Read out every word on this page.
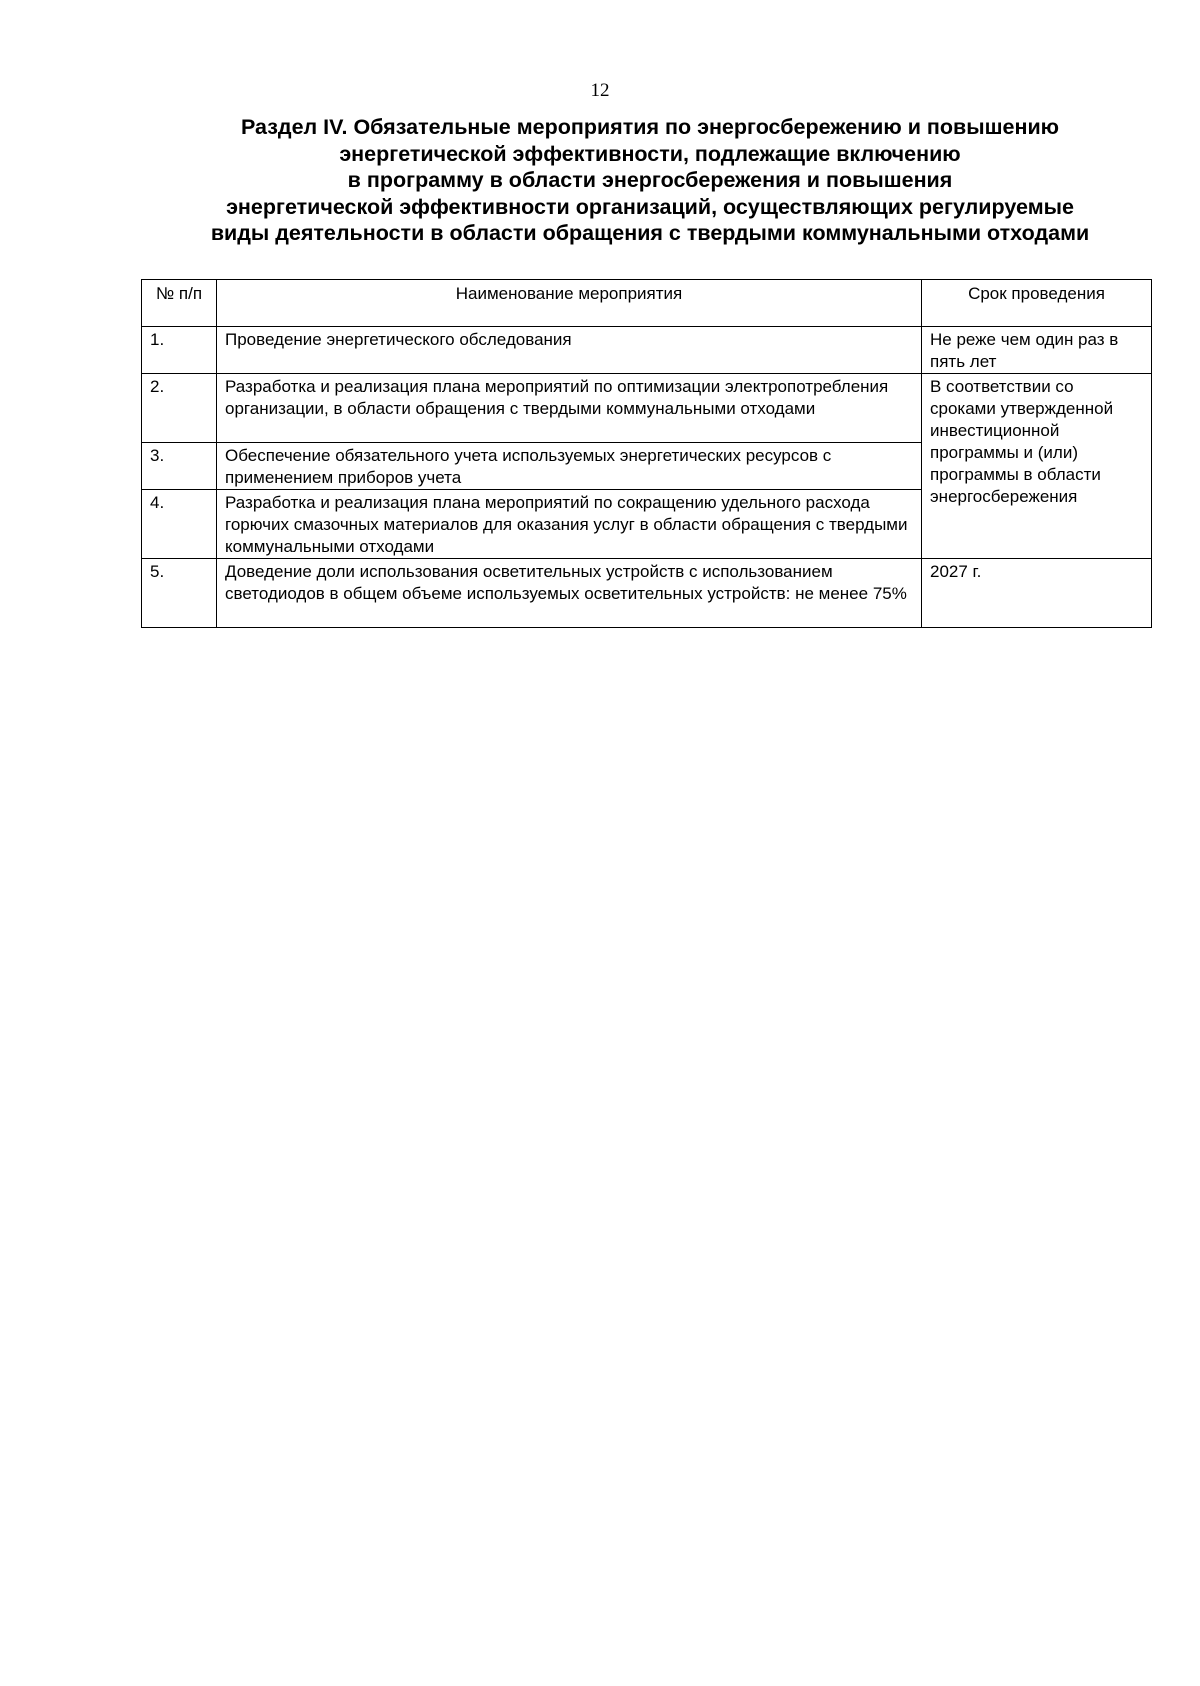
12
Раздел IV. Обязательные мероприятия по энергосбережению и повышению
энергетической эффективности, подлежащие включению
в программу в области энергосбережения и повышения
энергетической эффективности организаций, осуществляющих регулируемые
виды деятельности в области обращения с твердыми коммунальными отходами
№ п/п	Наименование мероприятия	Срок проведения
1.	Проведение энергетического обследования	Не реже чем один раз в пять лет
2.	Разработка и реализация плана мероприятий по оптимизации электропотребления организации, в области обращения с твердыми коммунальными отходами	В соответствии со сроками утвержденной инвестиционной программы и (или) программы в области энергосбережения
3.	Обеспечение обязательного учета используемых энергетических ресурсов с применением приборов учета	
4.	Разработка и реализация плана мероприятий по сокращению удельного расхода горючих смазочных материалов для оказания услуг в области обращения с твердыми коммунальными отходами	
5.	Доведение доли использования осветительных устройств с использованием светодиодов в общем объеме используемых осветительных устройств: не менее 75%	2027 г.
